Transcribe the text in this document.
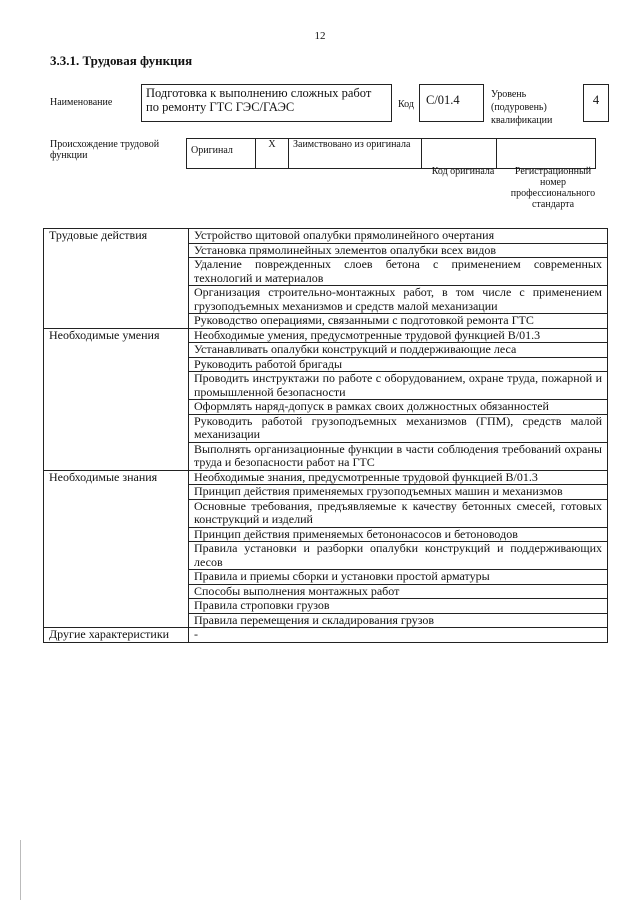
12
3.3.1. Трудовая функция
Наименование
Подготовка к выполнению сложных работ по ремонту ГТС ГЭС/ГАЭС	Код С/01.4	Уровень (подуровень) квалификации
4
Происхождение трудовой функции	Оригинал	X	Заимствовано из оригинала		
Код оригинала	Регистрационный номер профессионального стандарта
Трудовые действия	Устройство щитовой опалубки прямолинейного очертания
	Установка прямолинейных элементов опалубки всех видов
	Удаление поврежденных слоев бетона с применением современных технологий и материалов
	Организация строительно-монтажных работ, в том числе с применением грузоподъемных механизмов и средств малой механизации
	Руководство операциями, связанными с подготовкой ремонта ГТС
Необходимые умения	Необходимые умения, предусмотренные трудовой функцией В/01.3
	Устанавливать опалубки конструкций и поддерживающие леса
	Руководить работой бригады
	Проводить инструктажи по работе с оборудованием, охране труда, пожарной и промышленной безопасности
	Оформлять наряд-допуск в рамках своих должностных обязанностей
	Руководить работой грузоподъемных механизмов (ГПМ), средств малой механизации
	Выполнять организационные функции в части соблюдения требований охраны труда и безопасности работ на ГТС
Необходимые знания	Необходимые знания, предусмотренные трудовой функцией В/01.3
	Принцип действия применяемых грузоподъемных машин и механизмов
	Основные требования, предъявляемые к качеству бетонных смесей, готовых конструкций и изделий
	Принцип действия применяемых бетононасосов и бетоноводов
	Правила установки и разборки опалубки конструкций и поддерживающих лесов
	Правила и приемы сборки и установки простой арматуры
	Способы выполнения монтажных работ
	Правила строповки грузов
	Правила перемещения и складирования грузов
Другие характеристики	-
